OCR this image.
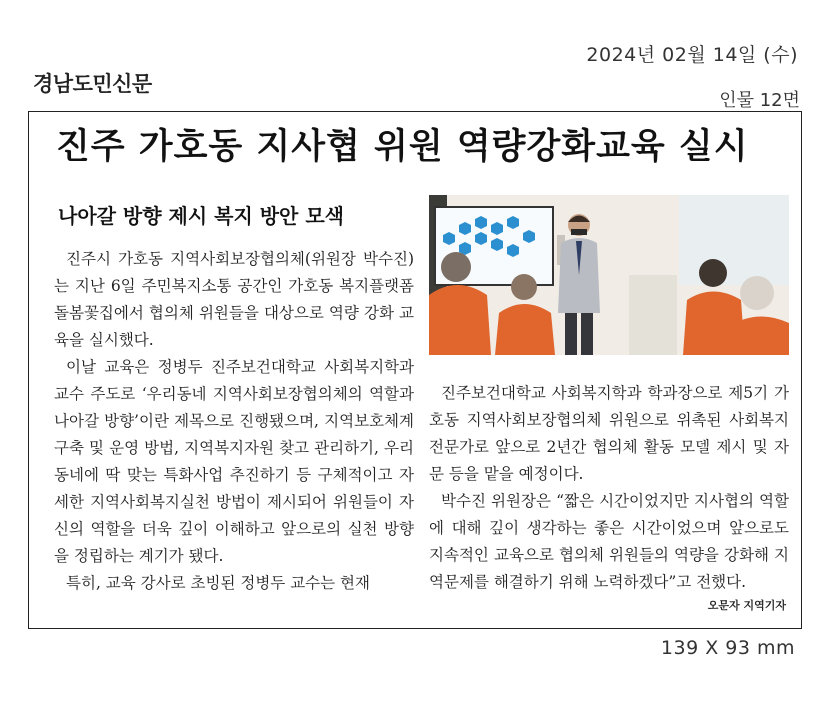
2024년 02월 14일 (수)
경남도민신문
인물 12면
진주 가호동 지사협 위원 역량강화교육 실시
나아갈 방향 제시 복지 방안 모색

진주시 가호동 지역사회보장협의체(위원장 박수진)는 지난 6일 주민복지소통 공간인 가호동 복지플랫폼 돌봄꽃집에서 협의체 위원들을 대상으로 역량 강화 교육을 실시했다.

이날 교육은 정병두 진주보건대학교 사회복지학과 교수 주도로 ‘우리동네 지역사회보장협의체의 역할과 나아갈 방향’이란 제목으로 진행됐으며, 지역보호체계 구축 및 운영 방법, 지역복지자원 찾고 관리하기, 우리동네에 딱 맞는 특화사업 추진하기 등 구체적이고 자세한 지역사회복지실천 방법이 제시되어 위원들이 자신의 역할을 더욱 깊이 이해하고 앞으로의 실천 방향을 정립하는 계기가 됐다.

특히, 교육 강사로 초빙된 정병두 교수는 현재

진주보건대학교 사회복지학과 학과장으로 제5기 가호동 지역사회보장협의체 위원으로 위촉된 사회복지전문가로 앞으로 2년간 협의체 활동 모델 제시 및 자문 등을 맡을 예정이다.

박수진 위원장은 “짧은 시간이었지만 지사협의 역할에 대해 깊이 생각하는 좋은 시간이었으며 앞으로도 지속적인 교육으로 협의체 위원들의 역량을 강화해 지역문제를 해결하기 위해 노력하겠다”고 전했다.

오문자 지역기자
139 X 93 mm
